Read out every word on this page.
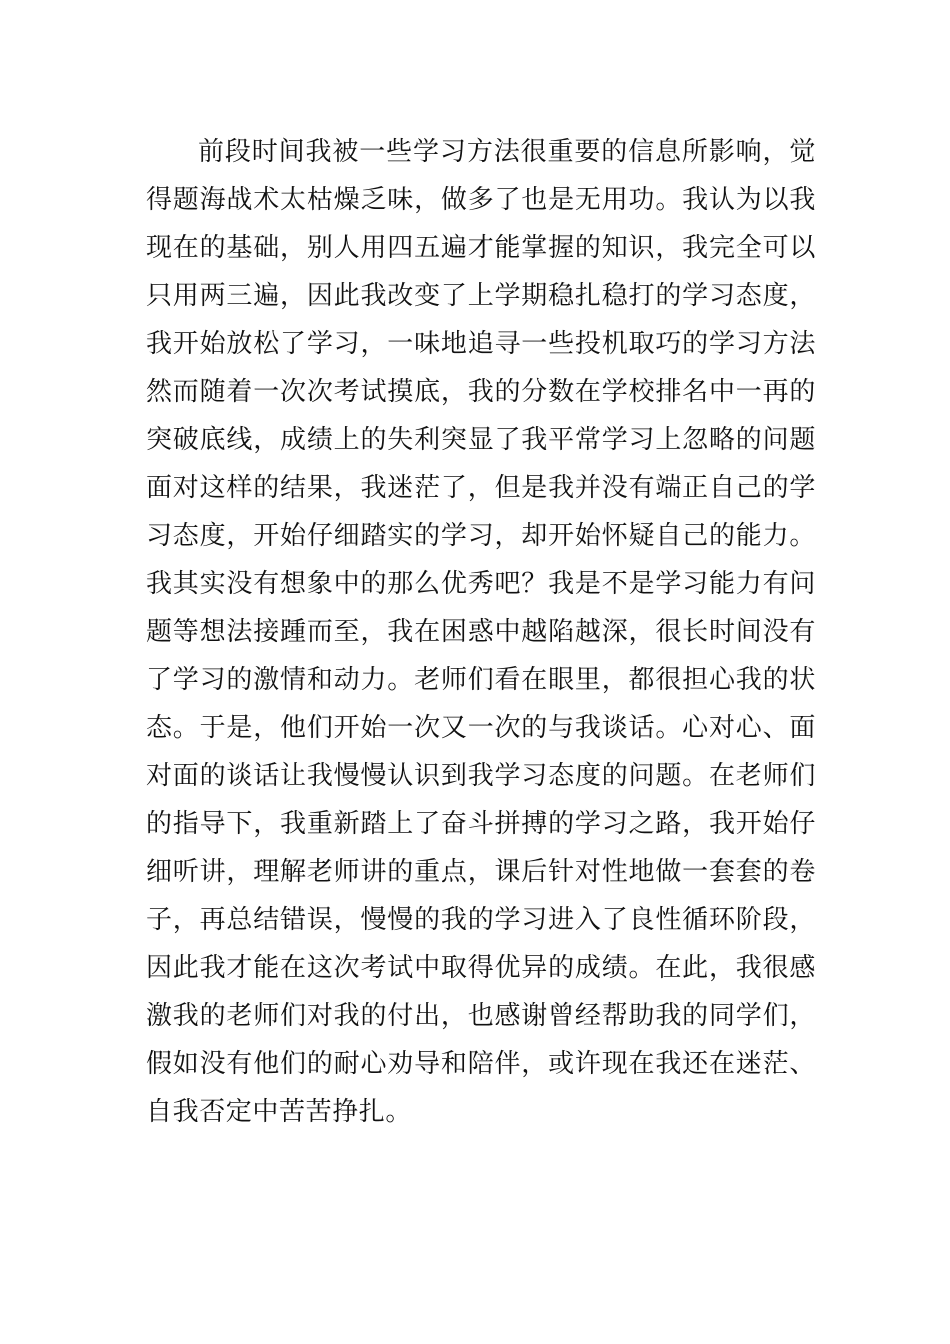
前段时间我被一些学习方法很重要的信息所影响，觉
得题海战术太枯燥乏味，做多了也是无用功。我认为以我
现在的基础，别人用四五遍才能掌握的知识，我完全可以
只用两三遍，因此我改变了上学期稳扎稳打的学习态度，
我开始放松了学习，一味地追寻一些投机取巧的学习方法
然而随着一次次考试摸底，我的分数在学校排名中一再的
突破底线，成绩上的失利突显了我平常学习上忽略的问题
面对这样的结果，我迷茫了，但是我并没有端正自己的学
习态度，开始仔细踏实的学习，却开始怀疑自己的能力。
我其实没有想象中的那么优秀吧？我是不是学习能力有问
题等想法接踵而至，我在困惑中越陷越深，很长时间没有
了学习的激情和动力。老师们看在眼里，都很担心我的状
态。于是，他们开始一次又一次的与我谈话。心对心、面
对面的谈话让我慢慢认识到我学习态度的问题。在老师们
的指导下，我重新踏上了奋斗拼搏的学习之路，我开始仔
细听讲，理解老师讲的重点，课后针对性地做一套套的卷
子，再总结错误，慢慢的我的学习进入了良性循环阶段，
因此我才能在这次考试中取得优异的成绩。在此，我很感
激我的老师们对我的付出，也感谢曾经帮助我的同学们，
假如没有他们的耐心劝导和陪伴，或许现在我还在迷茫、
自我否定中苦苦挣扎。
